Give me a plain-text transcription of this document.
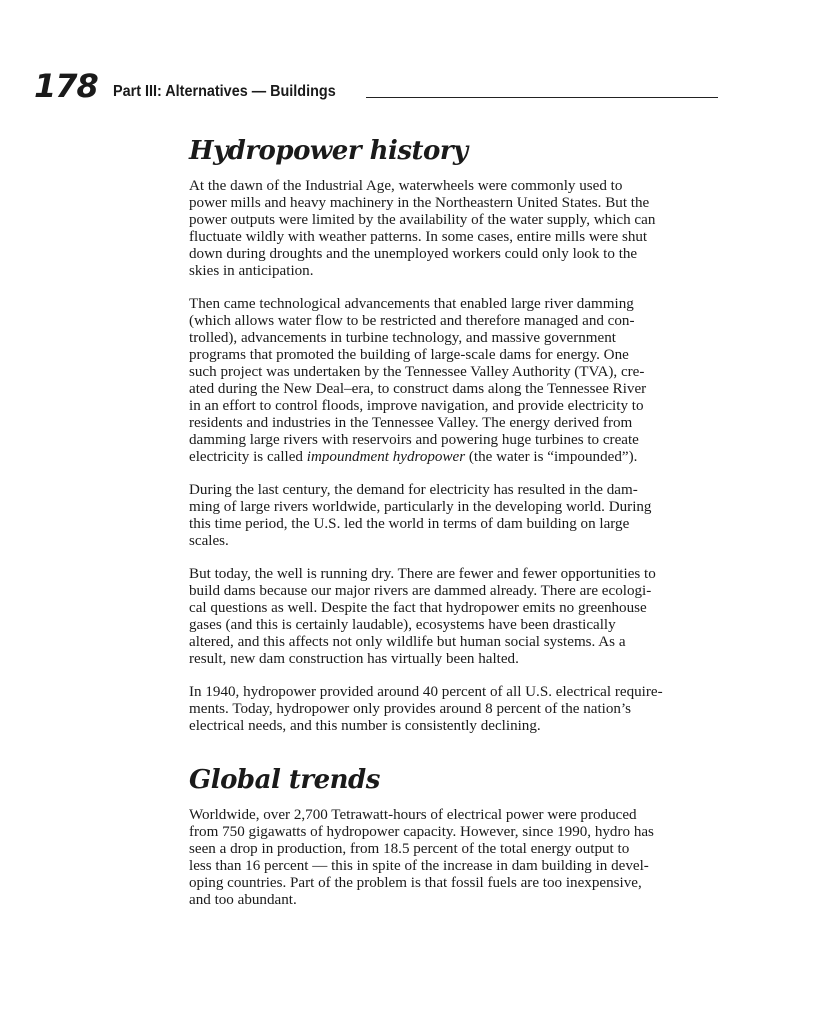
178 Part III: Alternatives — Buildings
Hydropower history

At the dawn of the Industrial Age, waterwheels were commonly used to
power mills and heavy machinery in the Northeastern United States. But the
power outputs were limited by the availability of the water supply, which can
fluctuate wildly with weather patterns. In some cases, entire mills were shut
down during droughts and the unemployed workers could only look to the
skies in anticipation.

Then came technological advancements that enabled large river damming
(which allows water flow to be restricted and therefore managed and con-
trolled), advancements in turbine technology, and massive government
programs that promoted the building of large-scale dams for energy. One
such project was undertaken by the Tennessee Valley Authority (TVA), cre-
ated during the New Deal–era, to construct dams along the Tennessee River
in an effort to control floods, improve navigation, and provide electricity to
residents and industries in the Tennessee Valley. The energy derived from
damming large rivers with reservoirs and powering huge turbines to create
electricity is called impoundment hydropower (the water is “impounded”).

During the last century, the demand for electricity has resulted in the dam-
ming of large rivers worldwide, particularly in the developing world. During
this time period, the U.S. led the world in terms of dam building on large
scales.

But today, the well is running dry. There are fewer and fewer opportunities to
build dams because our major rivers are dammed already. There are ecologi-
cal questions as well. Despite the fact that hydropower emits no greenhouse
gases (and this is certainly laudable), ecosystems have been drastically
altered, and this affects not only wildlife but human social systems. As a
result, new dam construction has virtually been halted.

In 1940, hydropower provided around 40 percent of all U.S. electrical require-
ments. Today, hydropower only provides around 8 percent of the nation’s
electrical needs, and this number is consistently declining.

Global trends

Worldwide, over 2,700 Tetrawatt-hours of electrical power were produced
from 750 gigawatts of hydropower capacity. However, since 1990, hydro has
seen a drop in production, from 18.5 percent of the total energy output to
less than 16 percent — this in spite of the increase in dam building in devel-
oping countries. Part of the problem is that fossil fuels are too inexpensive,
and too abundant.
